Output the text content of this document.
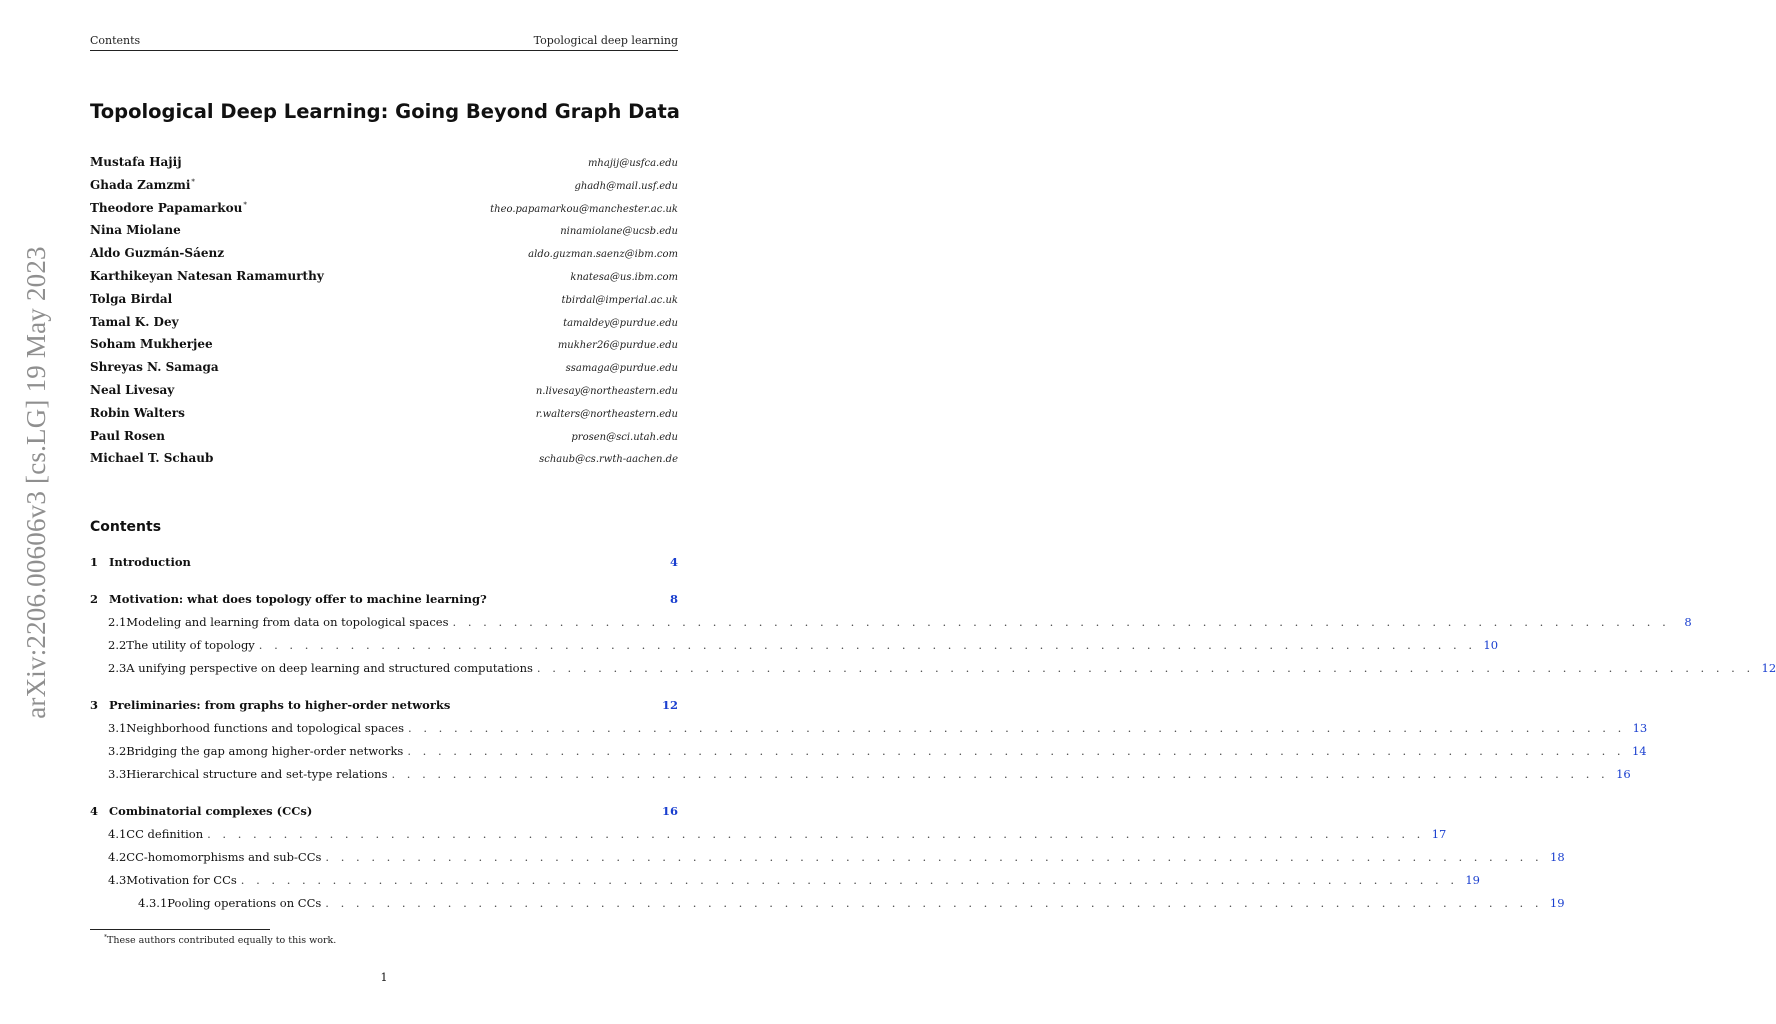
arXiv:2206.00606v3 [cs.LG] 19 May 2023
Contents	Topological deep learning
Topological Deep Learning: Going Beyond Graph Data
Mustafa Hajij	mhajij@usfca.edu
Ghada Zamzmi*	ghadh@mail.usf.edu
Theodore Papamarkou*	theo.papamarkou@manchester.ac.uk
Nina Miolane	ninamiolane@ucsb.edu
Aldo Guzmán-Sáenz	aldo.guzman.saenz@ibm.com
Karthikeyan Natesan Ramamurthy	knatesa@us.ibm.com
Tolga Birdal	tbirdal@imperial.ac.uk
Tamal K. Dey	tamaldey@purdue.edu
Soham Mukherjee	mukher26@purdue.edu
Shreyas N. Samaga	ssamaga@purdue.edu
Neal Livesay	n.livesay@northeastern.edu
Robin Walters	r.walters@northeastern.edu
Paul Rosen	prosen@sci.utah.edu
Michael T. Schaub	schaub@cs.rwth-aachen.de
Contents
1 Introduction	4
2 Motivation: what does topology offer to machine learning?	8
2.1 Modeling and learning from data on topological spaces . . . . . . . . . . . . . . . . . . . . . . . . . . . . . . . . . . . . . . . . . . . . . . . . . . . . . . . . . . . . . . . . . . . . . . . . . . . . . . . .	8
2.2 The utility of topology . . . . . . . . . . . . . . . . . . . . . . . . . . . . . . . . . . . . . . . . . . . . . . . . . . . . . . . . . . . . . . . . . . . . . . . . . . . . . . . . 10
2.3 A unifying perspective on deep learning and structured computations . . . . . . . . . . . . . . . . . . . . . . . . . . . . . . . . . . . . . . . . . . . . . . . . . . . . . . . . . . . . . . . . . . . . . . . . . . . . . . . . 12
3 Preliminaries: from graphs to higher-order networks	12
3.1 Neighborhood functions and topological spaces . . . . . . . . . . . . . . . . . . . . . . . . . . . . . . . . . . . . . . . . . . . . . . . . . . . . . . . . . . . . . . . . . . . . . . . . . . . . . . . . 13
3.2 Bridging the gap among higher-order networks . . . . . . . . . . . . . . . . . . . . . . . . . . . . . . . . . . . . . . . . . . . . . . . . . . . . . . . . . . . . . . . . . . . . . . . . . . . . . . . . 14
3.3 Hierarchical structure and set-type relations . . . . . . . . . . . . . . . . . . . . . . . . . . . . . . . . . . . . . . . . . . . . . . . . . . . . . . . . . . . . . . . . . . . . . . . . . . . . . . . . 16
4 Combinatorial complexes (CCs)	16
4.1 CC definition . . . . . . . . . . . . . . . . . . . . . . . . . . . . . . . . . . . . . . . . . . . . . . . . . . . . . . . . . . . . . . . . . . . . . . . . . . . . . . . . 17
4.2 CC-homomorphisms and sub-CCs . . . . . . . . . . . . . . . . . . . . . . . . . . . . . . . . . . . . . . . . . . . . . . . . . . . . . . . . . . . . . . . . . . . . . . . . . . . . . . . . 18
4.3 Motivation for CCs . . . . . . . . . . . . . . . . . . . . . . . . . . . . . . . . . . . . . . . . . . . . . . . . . . . . . . . . . . . . . . . . . . . . . . . . . . . . . . . . 19
4.3.1 Pooling operations on CCs . . . . . . . . . . . . . . . . . . . . . . . . . . . . . . . . . . . . . . . . . . . . . . . . . . . . . . . . . . . . . . . . . . . . . . . . . . . . . . . . 19
*These authors contributed equally to this work.
1
